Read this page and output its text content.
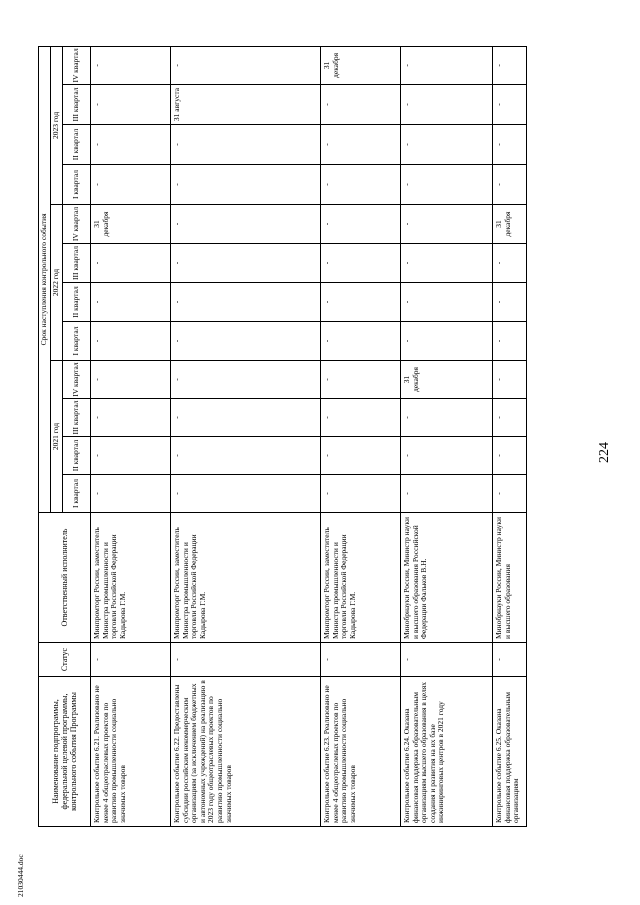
21030444.doc
224
Наименование подпрограммы, федеральной целевой программы, контрольного события Программы	Статус	Ответственный исполнитель	Срок наступления контрольного события											
			2021 год				2022 год				2023 год			
			I квартал	II квартал	III квартал	IV квартал	I квартал	II квартал	III квартал	IV квартал	I квартал	II квартал	III квартал	IV квартал
Контрольное событие 6.21. Реализовано не менее 4 общеотраслевых проектов по развитию промышленности социально значимых товаров	-	Минпромторг России, заместитель Министра промышленности и торговли Российской Федерации Кадырова Г.М.	-	-	-	-	-	-	-	31 декабря	-	-	-	-
Контрольное событие 6.22. Предоставлены субсидии российским некоммерческим организациям (за исключением бюджетных и автономных учреждений) на реализацию в 2023 году общеотраслевых проектов по развитию промышленности социально значимых товаров	-	Минпромторг России, заместитель Министра промышленности и торговли Российской Федерации Кадырова Г.М.	-	-	-	-	-	-	-	-	-	-	31 августа	-
Контрольное событие 6.23. Реализовано не менее 4 общеотраслевых проектов по развитию промышленности социально значимых товаров	-	Минпромторг России, заместитель Министра промышленности и торговли Российской Федерации Кадырова Г.М.	-	-	-	-	-	-	-	-	-	-	-	31 декабря
Контрольное событие 6.24. Оказана финансовая поддержка образовательным организациям высшего образования в целях создания и развития на их базе инжиниринговых центров в 2021 году	-	Минобрнауки России, Министр науки и высшего образования Российской Федерации Фальков В.Н.	-	-	-	31 декабря	-	-	-	-	-	-	-	-
Контрольное событие 6.25. Оказана финансовая поддержка образовательным организациям	-	Минобрнауки России, Министр науки и высшего образования	-	-	-	-	-	-	-	31 декабря	-	-	-	-
